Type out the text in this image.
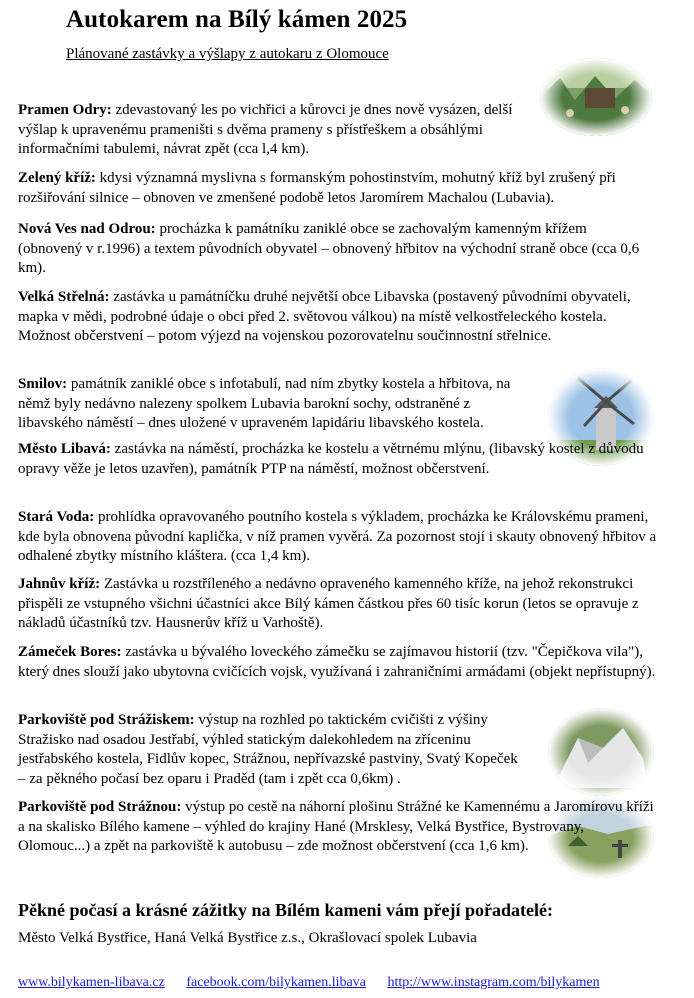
Autokarem na Bílý kámen 2025
Plánované zastávky a výšlapy z autokaru z Olomouce
Pramen Odry: zdevastovaný les po vichřici a kůrovci je dnes nově vysázen, delší výšlap k upravenému prameništi s dvěma prameny s přístřeškem a obsáhlými informačními tabulemi, návrat zpět (cca l,4 km).
Zelený kříž: kdysi významná myslivna s formanským pohostinstvím, mohutný kříž byl zrušený při rozšiřování silnice – obnoven ve zmenšené podobě letos Jaromírem Machalou (Lubavia).
Nová Ves nad Odrou: procházka k památníku zaniklé obce se zachovalým kamenným křížem (obnovený v r.1996) a textem původních obyvatel – obnovený hřbitov na východní straně obce (cca 0,6 km).
Velká Střelná: zastávka u památníčku druhé největší obce Libavska (postavený původními obyvateli, mapka v mědi, podrobné údaje o obci před 2. světovou válkou) na místě velkostřeleckého kostela. Možnost občerstvení – potom výjezd na vojenskou pozorovatelnu součinnostní střelnice.
Smilov: památník zaniklé obce s infotabulí, nad ním zbytky kostela a hřbitova, na němž byly nedávno nalezeny spolkem Lubavia barokní sochy, odstraněné z libavského náměstí – dnes uložené v upraveném lapidáriu libavského kostela.
Město Libavá: zastávka na náměstí, procházka ke kostelu a větrnému mlýnu, (libavský kostel z důvodu opravy věže je letos uzavřen), památník PTP na náměstí, možnost občerstvení.
Stará Voda: prohlídka opravovaného poutního kostela s výkladem, procházka ke Královskému prameni, kde byla obnovena původní kaplička, v níž pramen vyvěrá. Za pozornost stojí i skauty obnovený hřbitov a odhalené zbytky místního kláštera. (cca 1,4 km).
Jahnův kříž: Zastávka u rozstříleného a nedávno opraveného kamenného kříže, na jehož rekonstrukci přispěli ze vstupného všichni účastníci akce Bílý kámen částkou přes 60 tisíc korun (letos se opravuje z nákladů účastníků tzv. Hausnerův kříž u Varhoště).
Zámeček Bores: zastávka u bývalého loveckého zámečku se zajímavou historií (tzv. "Čepičkova vila"), který dnes slouží jako ubytovna cvičících vojsk, využívaná i zahraničními armádami (objekt nepřístupný).
Parkoviště pod Strážiskem: výstup na rozhled po taktickém cvičišti z výšiny Stražisko nad osadou Jestřabí, výhled statickým dalekohledem na zříceninu jestřabského kostela, Fidlův kopec, Strážnou, nepřívazské pastviny, Svatý Kopeček – za pěkného počasí bez oparu i Praděd (tam i zpět cca 0,6km) .
Parkoviště pod Strážnou: výstup po cestě na náhorní plošinu Strážné ke Kamennému a Jaromírovu kříži a na skalisko Bílého kamene – výhled do krajiny Hané (Mrsklesy, Velká Bystřice, Bystrovany, Olomouc...) a zpět na parkoviště k autobusu – zde možnost občerstvení (cca 1,6 km).
Pěkné počasí a krásné zážitky na Bílém kameni vám přejí pořadatelé:
Město Velká Bystřice, Haná Velká Bystřice z.s., Okrašlovací spolek Lubavia
www.bilykamen-libava.cz facebook.com/bilykamen.libava http://www.instagram.com/bilykamen
